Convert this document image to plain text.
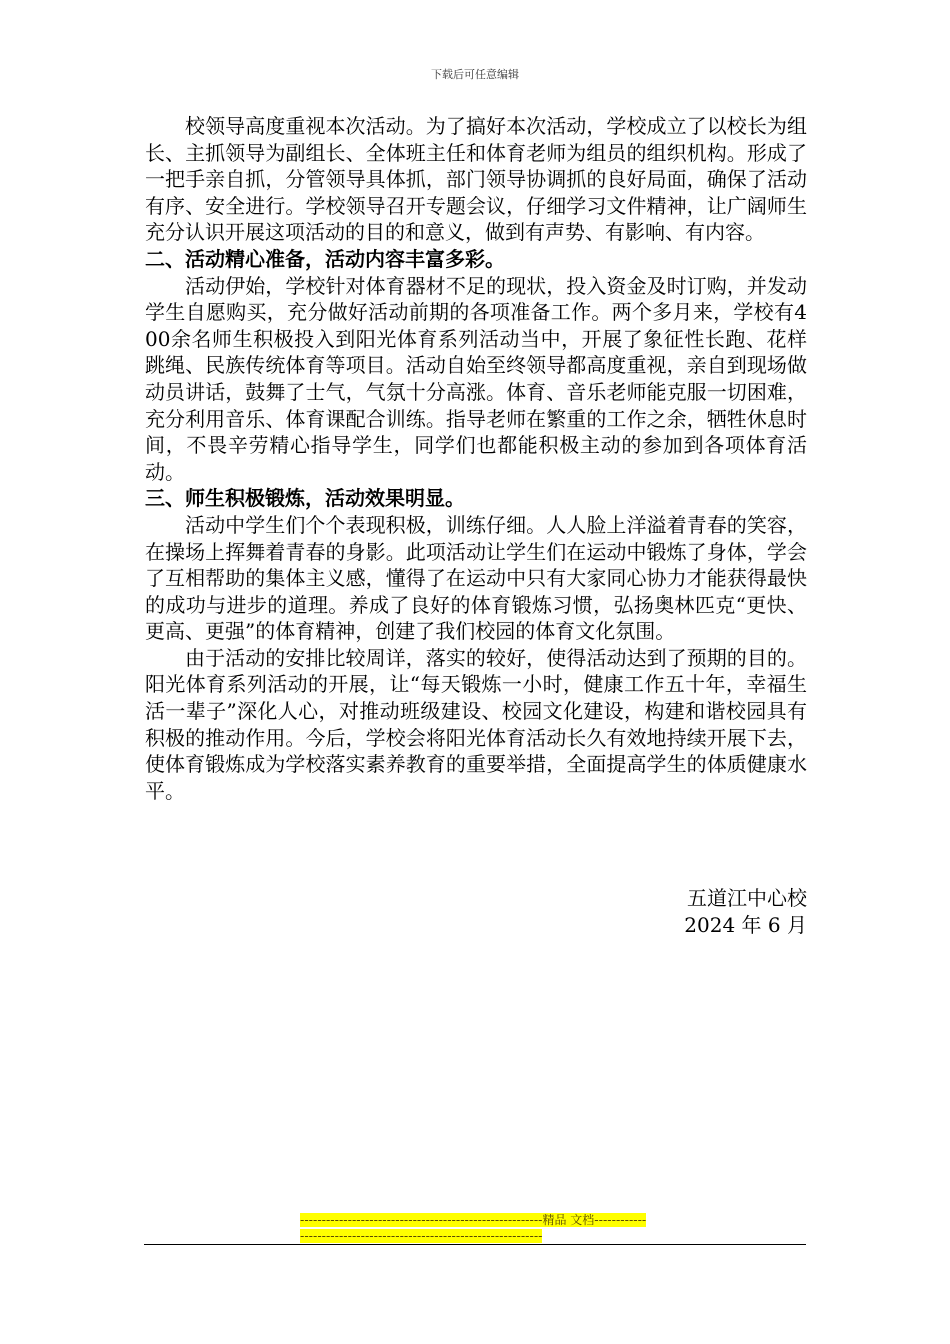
下载后可任意编辑

校领导高度重视本次活动。为了搞好本次活动，学校成立了以校长为组长、主抓领导为副组长、全体班主任和体育老师为组员的组织机构。形成了一把手亲自抓，分管领导具体抓，部门领导协调抓的良好局面，确保了活动有序、安全进行。学校领导召开专题会议，仔细学习文件精神，让广阔师生充分认识开展这项活动的目的和意义，做到有声势、有影响、有内容。

二、活动精心准备，活动内容丰富多彩。

活动伊始，学校针对体育器材不足的现状，投入资金及时订购，并发动学生自愿购买，充分做好活动前期的各项准备工作。两个多月来，学校有400余名师生积极投入到阳光体育系列活动当中，开展了象征性长跑、花样跳绳、民族传统体育等项目。活动自始至终领导都高度重视，亲自到现场做动员讲话，鼓舞了士气，气氛十分高涨。体育、音乐老师能克服一切困难，充分利用音乐、体育课配合训练。指导老师在繁重的工作之余，牺牲休息时间，不畏辛劳精心指导学生，同学们也都能积极主动的参加到各项体育活动。

三、师生积极锻炼，活动效果明显。

活动中学生们个个表现积极，训练仔细。人人脸上洋溢着青春的笑容，在操场上挥舞着青春的身影。此项活动让学生们在运动中锻炼了身体，学会了互相帮助的集体主义感，懂得了在运动中只有大家同心协力才能获得最快的成功与进步的道理。养成了良好的体育锻炼习惯，弘扬奥林匹克“更快、更高、更强”的体育精神，创建了我们校园的体育文化氛围。

由于活动的安排比较周详，落实的较好，使得活动达到了预期的目的。阳光体育系列活动的开展，让“每天锻炼一小时，健康工作五十年，幸福生活一辈子”深化人心，对推动班级建设、校园文化建设，构建和谐校园具有积极的推动作用。今后，学校会将阳光体育活动长久有效地持续开展下去，使体育锻炼成为学校落实素养教育的重要举措，全面提高学生的体质健康水平。

五道江中心校
2024 年 6 月
--------------------------------------------------------精品 文档--------------------------------------------------------------------
